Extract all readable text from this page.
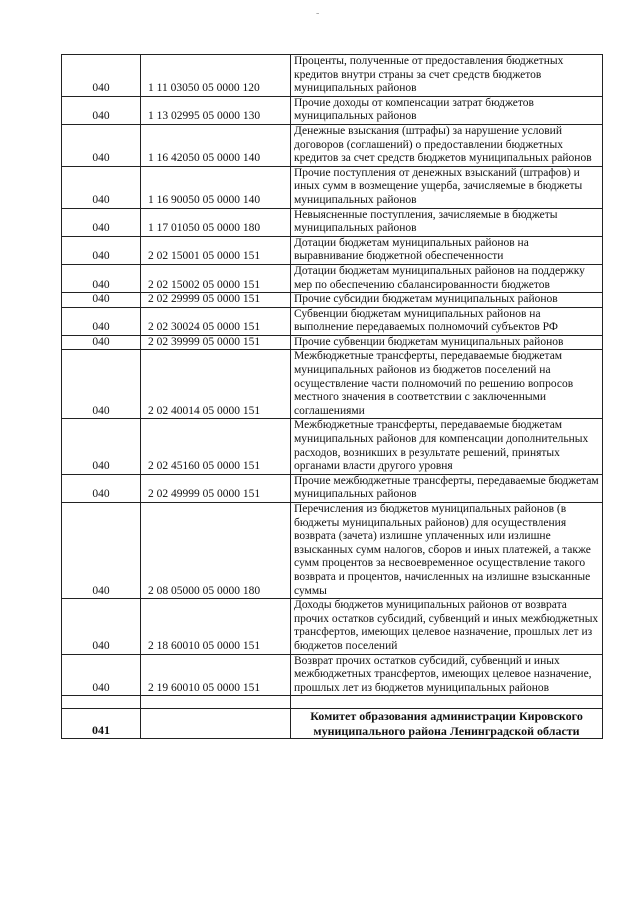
-
040	1 11 03050 05 0000 120	Проценты, полученные от предоставления бюджетных кредитов внутри страны за счет средств бюджетов муниципальных районов
040	1 13 02995 05 0000 130	Прочие доходы от компенсации затрат бюджетов муниципальных районов
040	1 16 42050 05 0000 140	Денежные взыскания (штрафы) за нарушение условий договоров (соглашений) о предоставлении бюджетных кредитов за счет средств бюджетов муниципальных районов
040	1 16 90050 05 0000 140	Прочие поступления от денежных взысканий (штрафов) и иных сумм в возмещение ущерба, зачисляемые в бюджеты муниципальных районов
040	1 17 01050 05 0000 180	Невыясненные поступления, зачисляемые в бюджеты муниципальных районов
040	2 02 15001 05 0000 151	Дотации бюджетам муниципальных районов на выравнивание бюджетной обеспеченности
040	2 02 15002 05 0000 151	Дотации бюджетам муниципальных районов на поддержку мер по обеспечению сбалансированности бюджетов
040	2 02 29999 05 0000 151	Прочие субсидии бюджетам муниципальных районов
040	2 02 30024 05 0000 151	Субвенции бюджетам муниципальных районов на выполнение передаваемых полномочий субъектов РФ
040	2 02 39999 05 0000 151	Прочие субвенции бюджетам муниципальных районов
040	2 02 40014 05 0000 151	Межбюджетные трансферты, передаваемые бюджетам муниципальных районов из бюджетов поселений на осуществление части полномочий по решению вопросов местного значения в соответствии с заключенными соглашениями
040	2 02 45160 05 0000 151	Межбюджетные трансферты, передаваемые бюджетам муниципальных районов для компенсации дополнительных расходов, возникших в результате решений, принятых органами власти другого уровня
040	2 02 49999 05 0000 151	Прочие межбюджетные трансферты, передаваемые бюджетам муниципальных районов
040	2 08 05000 05 0000 180	Перечисления из бюджетов муниципальных районов (в бюджеты муниципальных районов) для осуществления возврата (зачета) излишне уплаченных или излишне взысканных сумм налогов, сборов и иных платежей, а также сумм процентов за несвоевременное осуществление такого возврата и процентов, начисленных на излишне взысканные суммы
040	2 18 60010 05 0000 151	Доходы бюджетов муниципальных районов от возврата прочих остатков субсидий, субвенций и иных межбюджетных трансфертов, имеющих целевое назначение, прошлых лет из бюджетов поселений
040	2 19 60010 05 0000 151	Возврат прочих остатков субсидий, субвенций и иных межбюджетных трансфертов, имеющих целевое назначение, прошлых лет из бюджетов муниципальных районов

041		Комитет образования администрации Кировского муниципального района Ленинградской области
